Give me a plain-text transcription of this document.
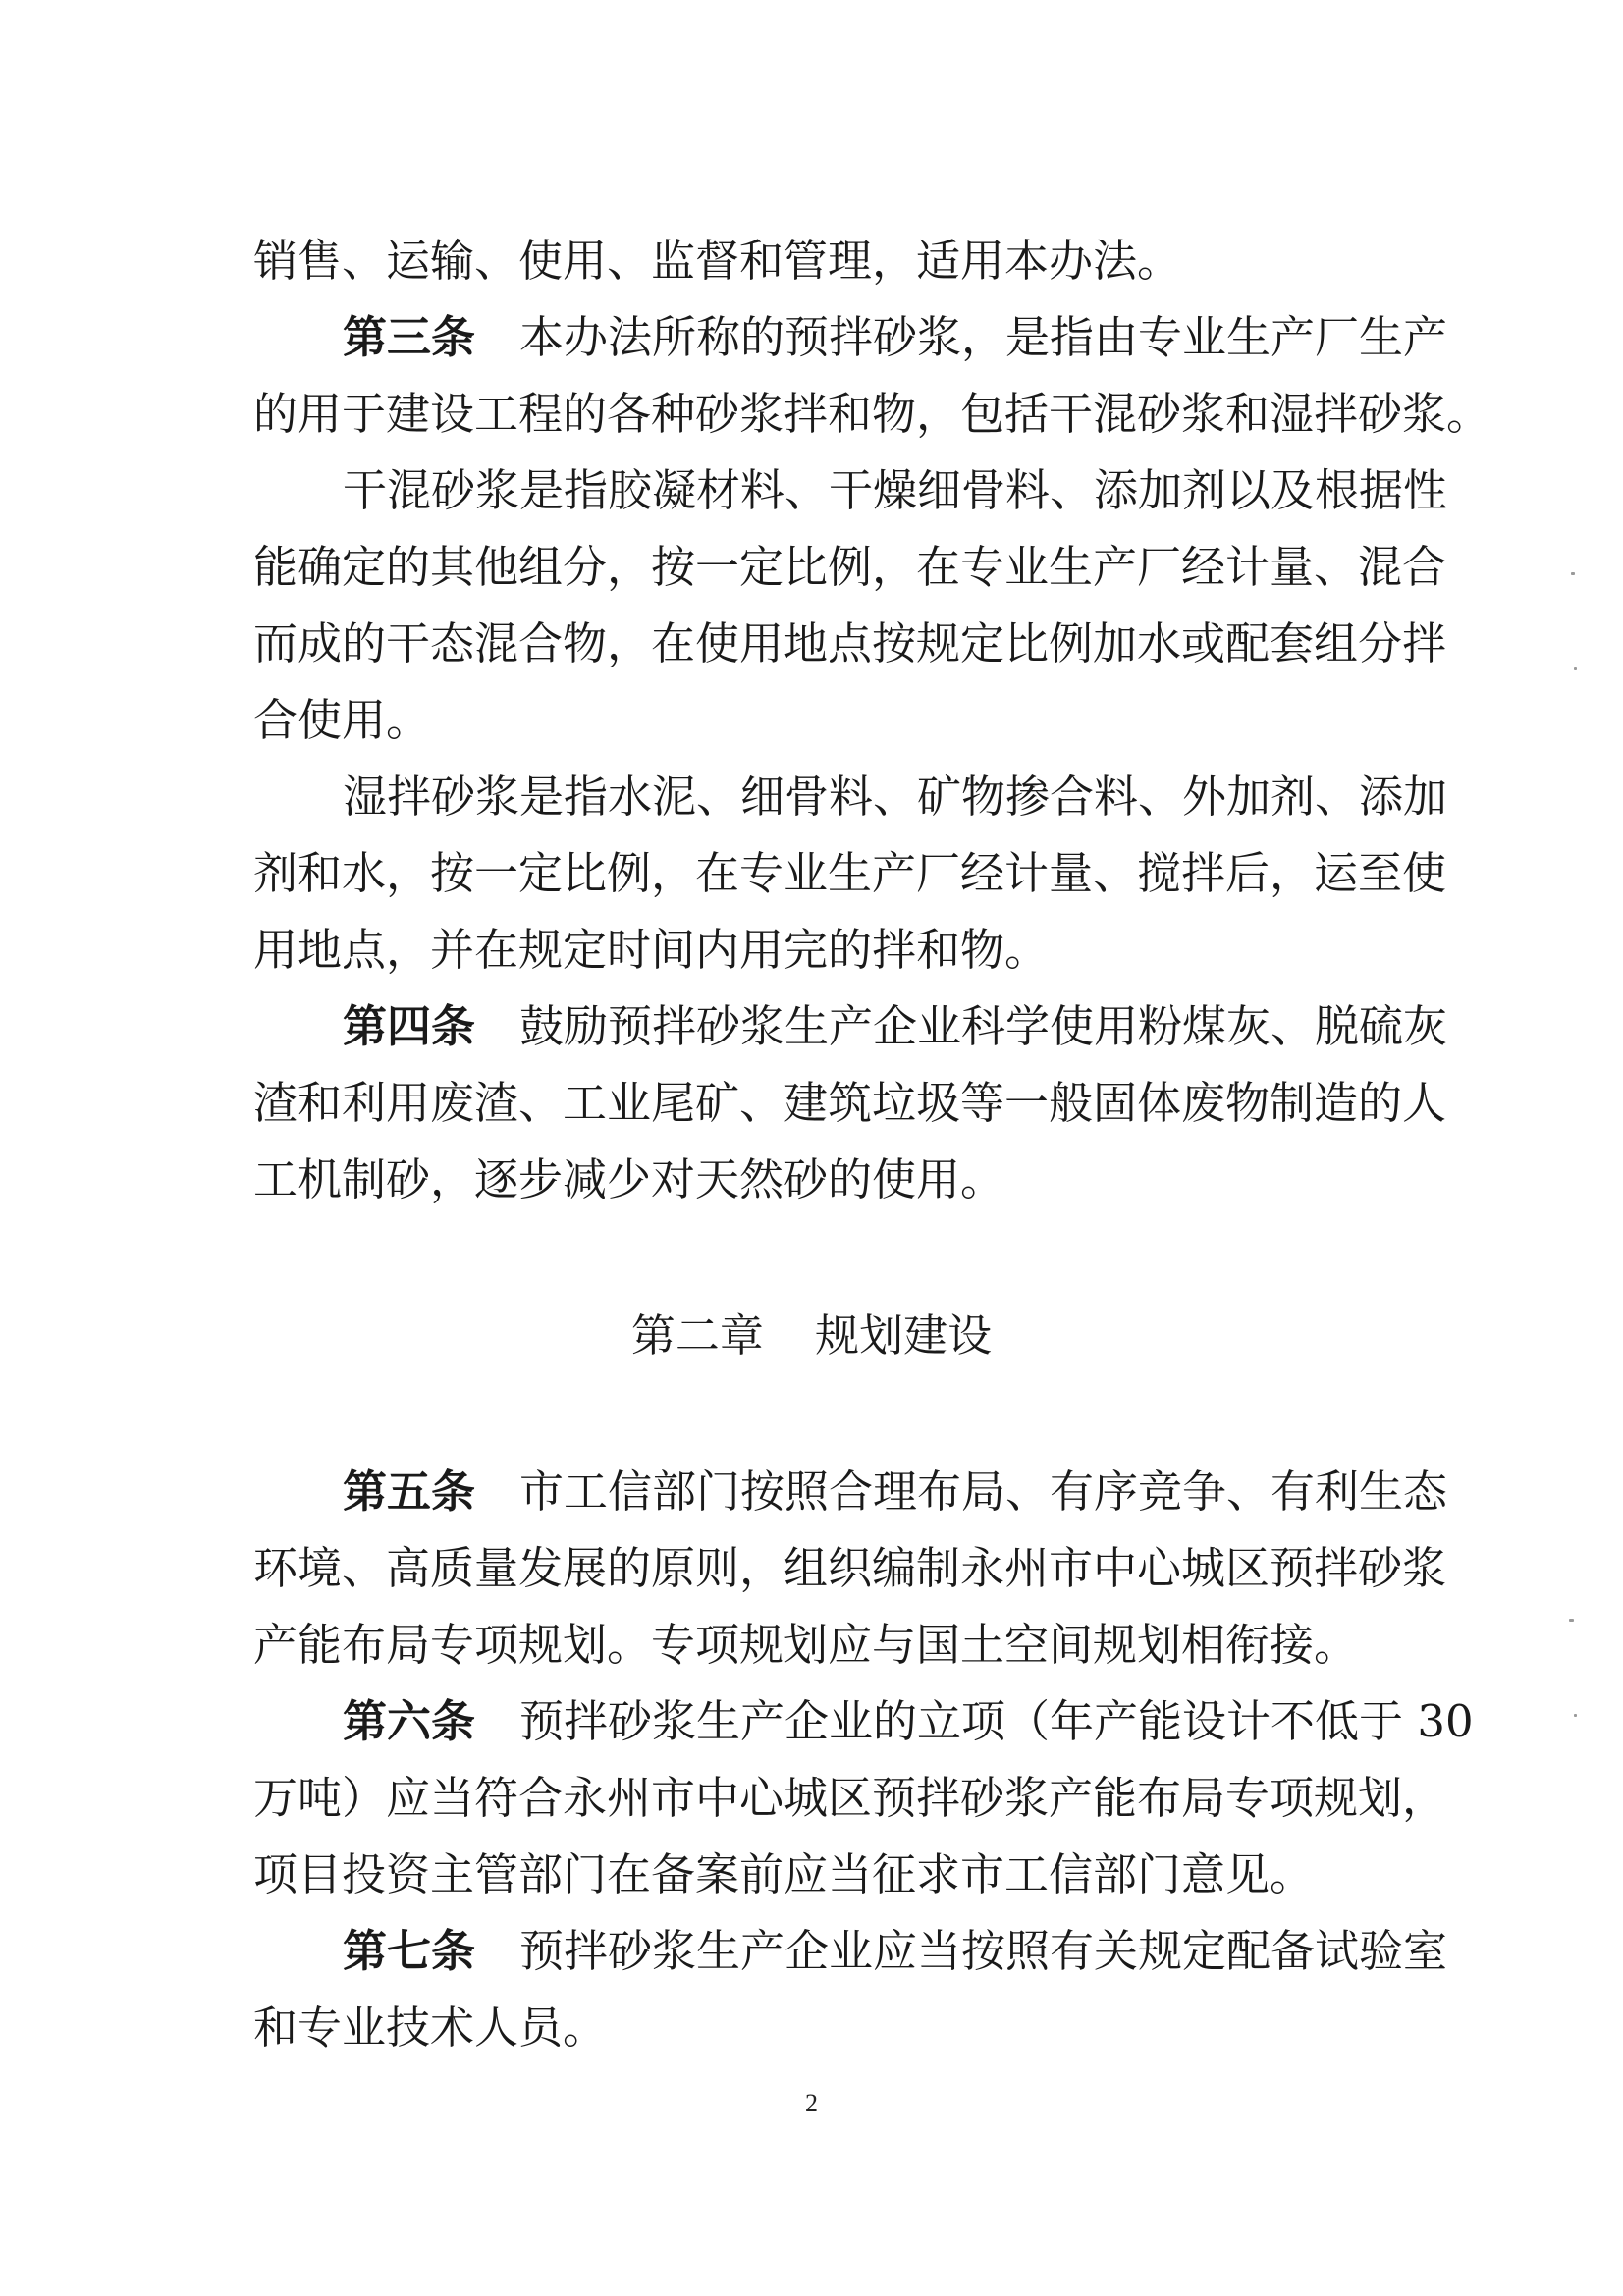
销售、运输、使用、监督和管理，适用本办法。
第三条 本办法所称的预拌砂浆，是指由专业生产厂生产
的用于建设工程的各种砂浆拌和物，包括干混砂浆和湿拌砂浆。
干混砂浆是指胶凝材料、干燥细骨料、添加剂以及根据性
能确定的其他组分，按一定比例，在专业生产厂经计量、混合
而成的干态混合物，在使用地点按规定比例加水或配套组分拌
合使用。
湿拌砂浆是指水泥、细骨料、矿物掺合料、外加剂、添加
剂和水，按一定比例，在专业生产厂经计量、搅拌后，运至使
用地点，并在规定时间内用完的拌和物。
第四条 鼓励预拌砂浆生产企业科学使用粉煤灰、脱硫灰
渣和利用废渣、工业尾矿、建筑垃圾等一般固体废物制造的人
工机制砂，逐步减少对天然砂的使用。
第五条 市工信部门按照合理布局、有序竞争、有利生态
环境、高质量发展的原则，组织编制永州市中心城区预拌砂浆
产能布局专项规划。专项规划应与国土空间规划相衔接。
第六条 预拌砂浆生产企业的立项（年产能设计不低于 30
万吨）应当符合永州市中心城区预拌砂浆产能布局专项规划，
项目投资主管部门在备案前应当征求市工信部门意见。
第七条 预拌砂浆生产企业应当按照有关规定配备试验室
和专业技术人员。
第二章 规划建设
2
